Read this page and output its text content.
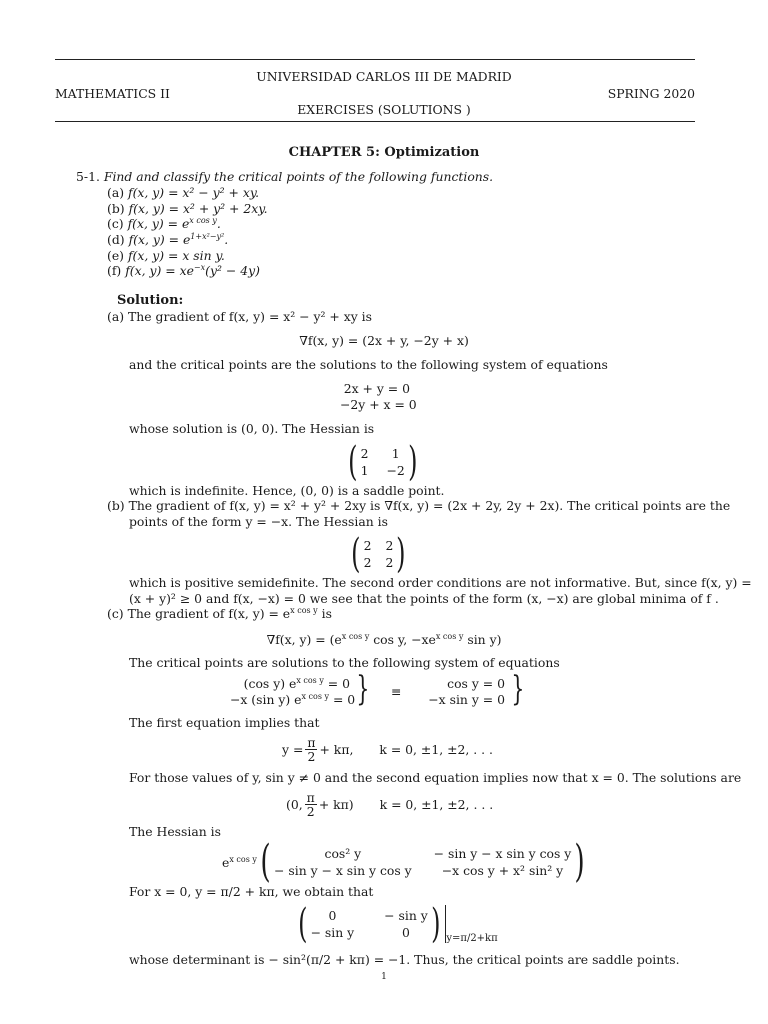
UNIVERSIDAD CARLOS III DE MADRID
MATHEMATICS II	SPRING 2020
EXERCISES (SOLUTIONS )
CHAPTER 5: Optimization
5-1. Find and classify the critical points of the following functions.
(a) f(x, y) = x² − y² + xy.
(b) f(x, y) = x² + y² + 2xy.
(c) f(x, $y) = e^{x cos y}$.
(d) f(x, $y) = e^{1+x^2-y^2}$.
(e) f(x, y) = x sin y.
(f) f(x, $y) = xe^{-x}(y^2 - 4y)$
Solution:
(a) The gradient of f(x, y) = x² − y² + xy is
∇f(x, y) = (2x + y, −2y + x)
and the critical points are the solutions to the following system of equations
2x + y = 0
−2y + x = 0
whose solution is (0, 0). The Hessian is
( 2	1
1 −2 )
which is indefinite. Hence, (0, 0) is a saddle point.
(b) The gradient of f(x, y) = x² + y² + 2xy is ∇f(x, y) = (2x + 2y, 2y + 2x). The critical points are the
points of the form y = −x. The Hessian is
( 2 2
2 2 )
which is positive semidefinite. The second order conditions are not informative. But, since f(x, y) =
(x + y)² ≥ 0 and f(x, −x) = 0 we see that the points of the form (x, −x) are global minima of f .
(c) The gradient of f(x, $y) = e^{x cos y}$ is
∇f(x, $y) = (e^{x cos y}$ cos y, $-xe^{x cos y}$ sin y)
The critical points are solutions to the following system of equations
(cos y) $e^{x cos y} = 0$
−x (sin y) $e^{x cos y} = 0$ } ≡
cos y = 0
−x sin y = 0 }
The first equation implies that
$y = \frac{\pi}{2} + k\pi$, k = 0, ±1, ±2, . . .
For those values of y, sin y ≠ 0 and the second equation implies now that x = 0. The solutions are
(0, $\frac{\pi}{2} + k\pi$) k = 0, ±1, ±2, . . .
The Hessian is
$e^{x cos y}$ (	cos² y	− sin y − x sin y cos y
− sin y − x sin y cos y	−x cos y + x² sin² y )
For x = 0, y = π/2 + kπ, we obtain that
(	0	− sin y
− sin y	0 ) y=π/2+kπ
whose determinant is − sin²(π/2 + kπ) = −1. Thus, the critical points are saddle points.
1
